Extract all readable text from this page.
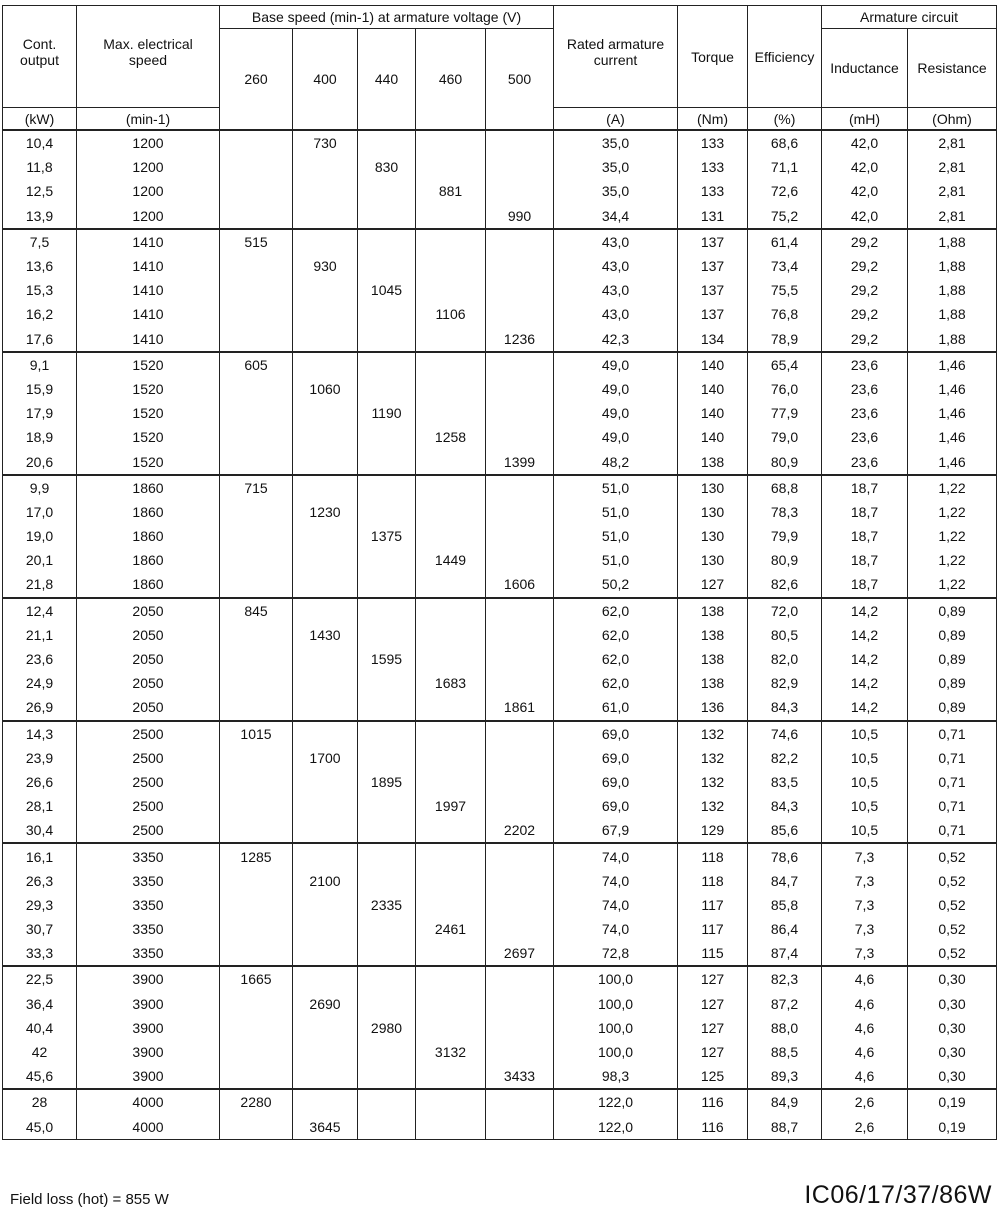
Cont. output	Max. electrical speed	Base speed (min-1) at armature voltage (V)					Rated armature current	Torque	Efficiency	Armature circuit	
		260	400	440	460	500				Inductance	Resistance
(kW)	(min-1)						(A)	(Nm)	(%)	(mH)	(Ohm)
10,4	1200		730				35,0	133	68,6	42,0	2,81
11,8	1200			830			35,0	133	71,1	42,0	2,81
12,5	1200				881		35,0	133	72,6	42,0	2,81
13,9	1200					990	34,4	131	75,2	42,0	2,81
7,5	1410	515					43,0	137	61,4	29,2	1,88
13,6	1410		930				43,0	137	73,4	29,2	1,88
15,3	1410			1045			43,0	137	75,5	29,2	1,88
16,2	1410				1106		43,0	137	76,8	29,2	1,88
17,6	1410					1236	42,3	134	78,9	29,2	1,88
9,1	1520	605					49,0	140	65,4	23,6	1,46
15,9	1520		1060				49,0	140	76,0	23,6	1,46
17,9	1520			1190			49,0	140	77,9	23,6	1,46
18,9	1520				1258		49,0	140	79,0	23,6	1,46
20,6	1520					1399	48,2	138	80,9	23,6	1,46
9,9	1860	715					51,0	130	68,8	18,7	1,22
17,0	1860		1230				51,0	130	78,3	18,7	1,22
19,0	1860			1375			51,0	130	79,9	18,7	1,22
20,1	1860				1449		51,0	130	80,9	18,7	1,22
21,8	1860					1606	50,2	127	82,6	18,7	1,22
12,4	2050	845					62,0	138	72,0	14,2	0,89
21,1	2050		1430				62,0	138	80,5	14,2	0,89
23,6	2050			1595			62,0	138	82,0	14,2	0,89
24,9	2050				1683		62,0	138	82,9	14,2	0,89
26,9	2050					1861	61,0	136	84,3	14,2	0,89
14,3	2500	1015					69,0	132	74,6	10,5	0,71
23,9	2500		1700				69,0	132	82,2	10,5	0,71
26,6	2500			1895			69,0	132	83,5	10,5	0,71
28,1	2500				1997		69,0	132	84,3	10,5	0,71
30,4	2500					2202	67,9	129	85,6	10,5	0,71
16,1	3350	1285					74,0	118	78,6	7,3	0,52
26,3	3350		2100				74,0	118	84,7	7,3	0,52
29,3	3350			2335			74,0	117	85,8	7,3	0,52
30,7	3350				2461		74,0	117	86,4	7,3	0,52
33,3	3350					2697	72,8	115	87,4	7,3	0,52
22,5	3900	1665					100,0	127	82,3	4,6	0,30
36,4	3900		2690				100,0	127	87,2	4,6	0,30
40,4	3900			2980			100,0	127	88,0	4,6	0,30
42	3900				3132		100,0	127	88,5	4,6	0,30
45,6	3900					3433	98,3	125	89,3	4,6	0,30
28	4000	2280					122,0	116	84,9	2,6	0,19
45,0	4000		3645				122,0	116	88,7	2,6	0,19
Field loss (hot) = 855 W	IC06/17/37/86W
